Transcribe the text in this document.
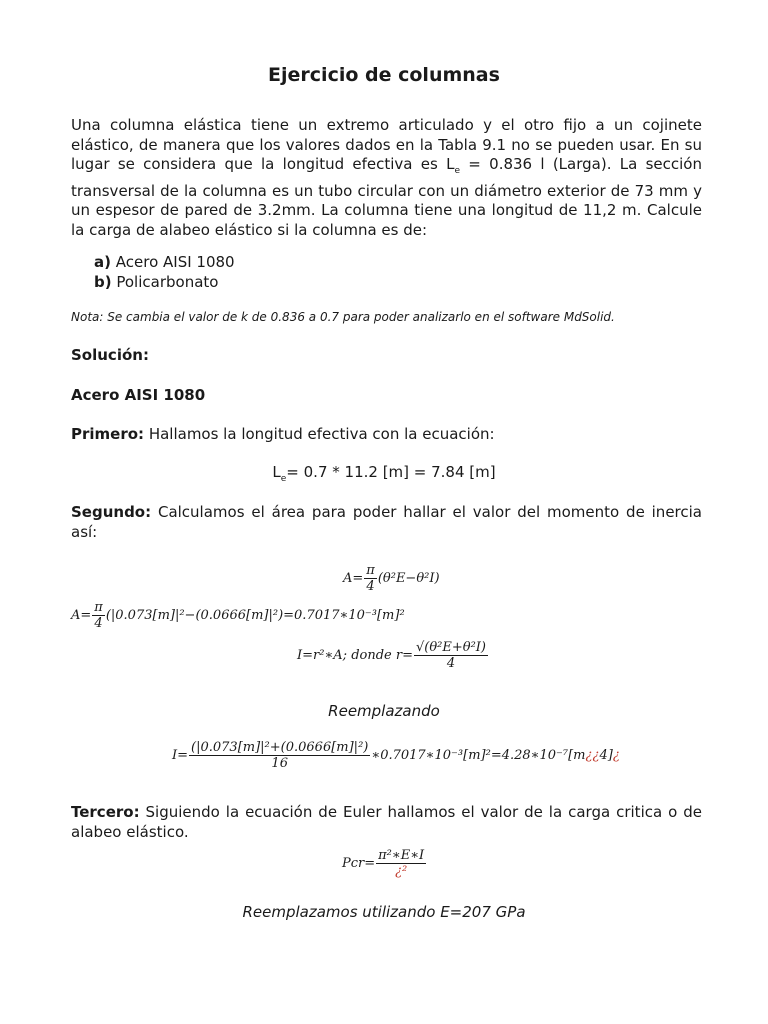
Ejercicio de columnas
Una columna elástica tiene un extremo articulado y el otro fijo a un cojinete elástico, de manera que los valores dados en la Tabla 9.1 no se pueden usar. En su lugar se considera que la longitud efectiva es $L_e = 0.836$ l (Larga). La sección transversal de la columna es un tubo circular con un diámetro exterior de 73 mm y un espesor de pared de 3.2mm. La columna tiene una longitud de 11,2 m. Calcule la carga de alabeo elástico si la columna es de:
a) Acero AISI 1080
b) Policarbonato
Nota: Se cambia el valor de k de 0.836 a 0.7 para poder analizarlo en el software MdSolid.
Solución:
Acero AISI 1080
Primero: Hallamos la longitud efectiva con la ecuación:
$L_e= 0.7 * 11.2$ [m] = 7.84 [m]
Segundo: Calculamos el área para poder hallar el valor del momento de inercia así:
$A= \frac{\pi}{4} (\theta^2E-\theta^2I)$
$A= \frac{\pi}{4}$ (|0.073[m]|²−(0.0666[m]|²)=0.7017∗10⁻³[m]²
I=r²∗A; donde $r= \frac{\text{√(θ²E+θ²I)}}{4}$
Reemplazando
$I= \frac{\text{(|0.073[m]|²+(0.0666[m]|²)}}{16}$ ∗0.7017∗10⁻³[m]²=4.28∗10⁻⁷[m¿¿4]¿
Tercero: Siguiendo la ecuación de Euler hallamos el valor de la carga critica o de alabeo elástico.
$Pcr= \frac{\text{π²∗E∗I}}{\text{¿²}}$
Reemplazamos utilizando E=207 GPa
